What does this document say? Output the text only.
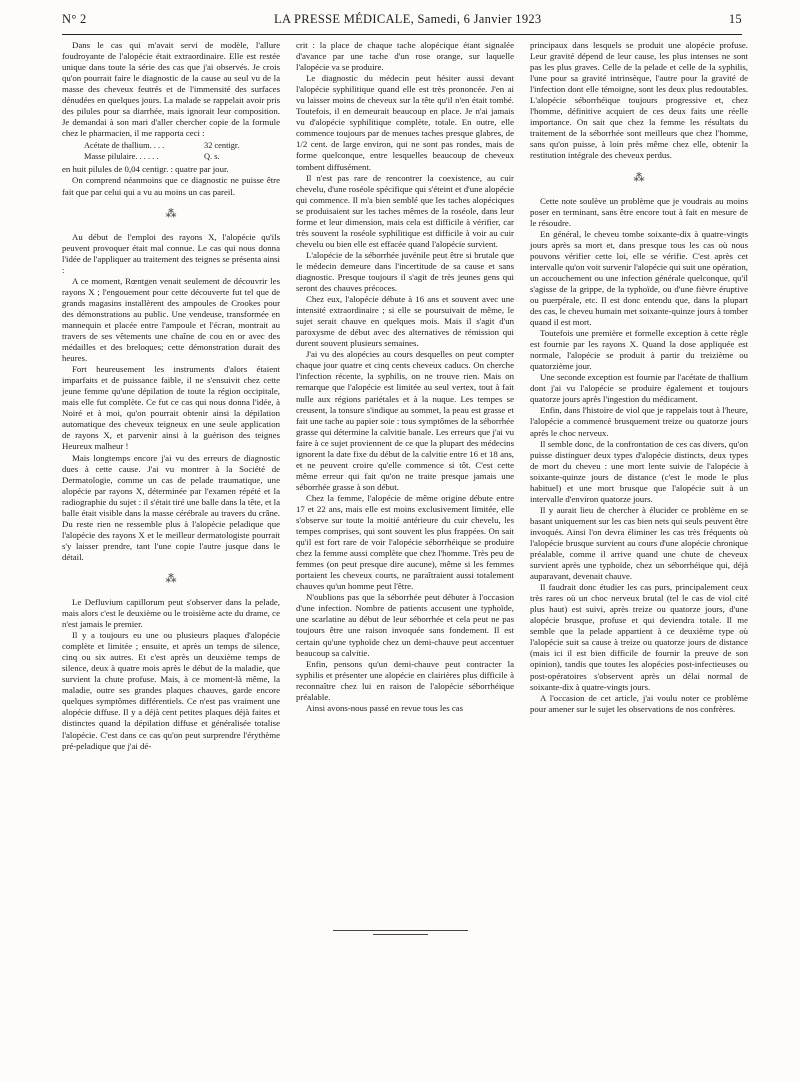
N° 2	LA PRESSE MÉDICALE, Samedi, 6 Janvier 1923	15

Dans le cas qui m'avait servi de modèle, l'allure foudroyante de l'alopécie était extraordinaire. Elle est restée unique dans toute la série des cas que j'ai observés. Je crois qu'on pourrait faire le diagnostic de la cause au seul vu de la masse des cheveux feutrés et de l'immensité des surfaces dénudées en quelques jours. La malade se rappelait avoir pris des pilules pour sa diarrhée, mais ignorait leur composition. Je demandai à son mari d'aller chercher copie de la formule chez le pharmacien, il me rapporta ceci :

Acétate de thallium. . . .	32 centigr.
Masse pilulaire. . . . . .	Q. s.

en huit pilules de 0,04 centigr. : quatre par jour.

On comprend néanmoins que ce diagnostic ne puisse être fait que par celui qui a vu au moins un cas pareil.

⁂

Au début de l'emploi des rayons X, l'alopécie qu'ils peuvent provoquer était mal connue. Le cas qui nous donna l'idée de l'appliquer au traitement des teignes se présenta ainsi :

A ce moment, Rœntgen venait seulement de découvrir les rayons X ; l'engouement pour cette découverte fut tel que de grands magasins installèrent des ampoules de Crookes pour des démonstrations au public. Une vendeuse, transformée en mannequin et placée entre l'ampoule et l'écran, montrait au travers de ses vêtements une chaîne de cou en or avec des médailles et des breloques; cette démonstration durait des heures.

Fort heureusement les instruments d'alors étaient imparfaits et de puissance faible, il ne s'ensuivit chez cette jeune femme qu'une dépilation de toute la région occipitale, mais elle fut complète. Ce fut ce cas qui nous donna l'idée, à Noiré et à moi, qu'on pourrait obtenir ainsi la dépilation automatique des cheveux teigneux en une seule application de rayons X, et parvenir ainsi à la guérison des teignes Heureux malheur !

Mais longtemps encore j'ai vu des erreurs de diagnostic dues à cette cause. J'ai vu montrer à la Société de Dermatologie, comme un cas de pelade traumatique, une alopécie par rayons X, déterminée par l'examen répété et la radiographie du sujet : il s'était tiré une balle dans la tête, et la balle était visible dans la masse cérébrale au travers du crâne. Du reste rien ne ressemble plus à l'alopécie peladique que l'alopécie des rayons X et le meilleur dermatologiste pourrait s'y laisser prendre, tant l'une copie l'autre jusque dans le détail.

⁂

Le Defluvium capillorum peut s'observer dans la pelade, mais alors c'est le deuxième ou le troisième acte du drame, ce n'est jamais le premier.

Il y a toujours eu une ou plusieurs plaques d'alopécie complète et limitée ; ensuite, et après un temps de silence, cinq ou six autres. Et c'est après un deuxième temps de silence, deux à quatre mois après le début de la maladie, que survient la chute profuse. Mais, à ce moment-là même, la maladie, outre ses grandes plaques chauves, garde encore quelques symptômes différentiels. Ce n'est pas vraiment une alopécie diffuse. Il y a déjà cent petites plaques déjà faites et distinctes quand la dépilation diffuse et généralisée totalise l'alopécie. C'est dans ce cas qu'on peut surprendre l'érythème pré-peladique que j'ai dé-

crit : la place de chaque tache alopécique étant signalée d'avance par une tache d'un rose orange, sur laquelle l'alopécie va se produire.

Le diagnostic du médecin peut hésiter aussi devant l'alopécie syphilitique quand elle est très prononcée. J'en ai vu laisser moins de cheveux sur la tête qu'il n'en était tombé. Toutefois, il en demeurait beaucoup en place. Je n'ai jamais vu d'alopécie syphilitique complète, totale. En outre, elle commence toujours par de menues taches presque glabres, de 1/2 cent. de large environ, qui ne sont pas rondes, mais de forme quelconque, entre lesquelles beaucoup de cheveux tombent diffusément.

Il n'est pas rare de rencontrer la coexistence, au cuir chevelu, d'une roséole spécifique qui s'éteint et d'une alopécie qui commence. Il m'a bien semblé que les taches alopéciques se produisaient sur les taches mêmes de la roséole, dans leur forme et leur dimension, mais cela est difficile à vérifier, car très souvent la roséole syphilitique est difficile à voir au cuir chevelu ou bien elle est effacée quand l'alopécie survient.

L'alopécie de la séborrhée juvénile peut être si brutale que le médecin demeure dans l'incertitude de sa cause et sans diagnostic. Presque toujours il s'agit de très jeunes gens qui seront des chauves précoces.

Chez eux, l'alopécie débute à 16 ans et souvent avec une intensité extraordinaire ; si elle se poursuivait de même, le sujet serait chauve en quelques mois. Mais il s'agit d'un paroxysme de début avec des alternatives de rémission qui durent souvent plusieurs semaines.

J'ai vu des alopécies au cours desquelles on peut compter chaque jour quatre et cinq cents cheveux caducs. On cherche l'infection récente, la syphilis, on ne trouve rien. Mais on remarque que l'alopécie est limitée au seul vertex, tout à fait nulle aux régions pariétales et à la nuque. Les tempes se creusent, la tonsure s'indique au sommet, la peau est grasse et fait une tache au papier soie : tous symptômes de la séborrhée grasse qui détermine la calvitie banale. Les erreurs que j'ai vu faire à ce sujet proviennent de ce que la plupart des médecins ignorent la date fixe du début de la calvitie entre 16 et 18 ans, et ne peuvent croire qu'elle commence si tôt. C'est cette même erreur qui fait qu'on ne traite presque jamais une séborrhée grasse à son début.

Chez la femme, l'alopécie de même origine débute entre 17 et 22 ans, mais elle est moins exclusivement limitée, elle s'observe sur toute la moitié antérieure du cuir chevelu, les tempes comprises, qui sont souvent les plus frappées. On sait qu'il est fort rare de voir l'alopécie séborrhéique se produire chez la femme aussi complète que chez l'homme. Très peu de femmes (on peut presque dire aucune), même si les femmes portaient les cheveux courts, ne paraîtraient aussi totalement chauves qu'un homme peut l'être.

N'oublions pas que la séborrhée peut débuter à l'occasion d'une infection. Nombre de patients accusent une typhoïde, une scarlatine au début de leur séborrhée et cela peut ne pas toujours être une raison invoquée sans fondement. Il est certain qu'une typhoïde chez un demi-chauve peut accentuer beaucoup sa calvitie.

Enfin, pensons qu'un demi-chauve peut contracter la syphilis et présenter une alopécie en clairières plus difficile à reconnaître chez lui en raison de l'alopécie séborrhéique préalable.

Ainsi avons-nous passé en revue tous les cas

principaux dans lesquels se produit une alopécie profuse. Leur gravité dépend de leur cause, les plus intenses ne sont pas les plus graves. Celle de la pelade et celle de la syphilis, l'une pour sa gravité intrinsèque, l'autre pour la gravité de l'infection dont elle témoigne, sont les deux plus redoutables. L'alopécie séborrhéique toujours progressive et, chez l'homme, définitive acquiert de ces deux faits une réelle importance. On sait que chez la femme les résultats du traitement de la séborrhée sont meilleurs que chez l'homme, sans qu'on puisse, à loin près même chez elle, obtenir la restitution intégrale des cheveux perdus.

⁂

Cette note soulève un problème que je voudrais au moins poser en terminant, sans être encore tout à fait en mesure de le résoudre.

En général, le cheveu tombe soixante-dix à quatre-vingts jours après sa mort et, dans presque tous les cas où nous pouvons vérifier cette loi, elle se vérifie. C'est après cet intervalle qu'on voit survenir l'alopécie qui suit une opération, un accouchement ou une infection générale quelconque, qu'il s'agisse de la grippe, de la typhoïde, ou d'une fièvre éruptive ou puerpérale, etc. Il est donc entendu que, dans la plupart des cas, le cheveu humain met soixante-quinze jours à tomber quand il est mort.

Toutefois une première et formelle exception à cette règle est fournie par les rayons X. Quand la dose appliquée est normale, l'alopécie se produit à partir du treizième ou quatorzième jour.

Une seconde exception est fournie par l'acétate de thallium dont j'ai vu l'alopécie se produire également et toujours quatorze jours après l'ingestion du médicament.

Enfin, dans l'histoire de viol que je rappelais tout à l'heure, l'alopécie a commencé brusquement treize ou quatorze jours après le choc nerveux.

Il semble donc, de la confrontation de ces cas divers, qu'on puisse distinguer deux types d'alopécie distincts, deux types de mort du cheveu : une mort lente suivie de l'alopécie à soixante-quinze jours de distance (c'est le mode le plus habituel) et une mort brusque que l'alopécie suit à un intervalle d'environ quatorze jours.

Il y aurait lieu de chercher à élucider ce problème en se basant uniquement sur les cas bien nets qui seuls peuvent être invoqués. Ainsi l'on devra éliminer les cas très fréquents où l'alopécie brusque survient au cours d'une alopécie chronique préalable, comme il arrive quand une chute de cheveux survient après une typhoïde, chez un séborrhéique qui, déjà auparavant, devenait chauve.

Il faudrait donc étudier les cas purs, principalement ceux très rares où un choc nerveux brutal (tel le cas de viol cité plus haut) est suivi, après treize ou quatorze jours, d'une alopécie brusque, profuse et qui deviendra totale. Il me semble que la pelade appartient à ce deuxième type où l'alopécie suit sa cause à treize ou quatorze jours de distance (mais ici il est bien difficile de fournir la preuve de son opinion), tandis que toutes les alopécies post-infectieuses ou post-opératoires s'observent après un délai normal de soixante-dix à quatre-vingts jours.

A l'occasion de cet article, j'ai voulu noter ce problème pour amener sur le sujet les observations de nos confrères.
